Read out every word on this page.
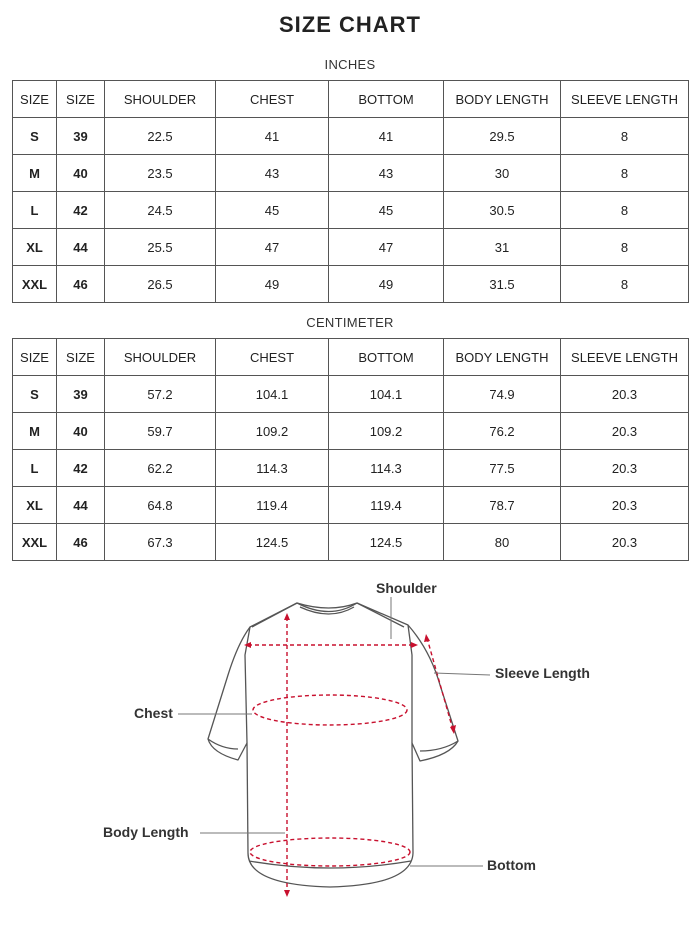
SIZE CHART
INCHES
SIZE	SIZE	SHOULDER	CHEST	BOTTOM	BODY LENGTH	SLEEVE LENGTH
S	39	22.5	41	41	29.5	8
M	40	23.5	43	43	30	8
L	42	24.5	45	45	30.5	8
XL	44	25.5	47	47	31	8
XXL	46	26.5	49	49	31.5	8
CENTIMETER
SIZE	SIZE	SHOULDER	CHEST	BOTTOM	BODY LENGTH	SLEEVE LENGTH
S	39	57.2	104.1	104.1	74.9	20.3
M	40	59.7	109.2	109.2	76.2	20.3
L	42	62.2	114.3	114.3	77.5	20.3
XL	44	64.8	119.4	119.4	78.7	20.3
XXL	46	67.3	124.5	124.5	80	20.3
Shoulder
Sleeve Length
Chest
Body Length
Bottom
